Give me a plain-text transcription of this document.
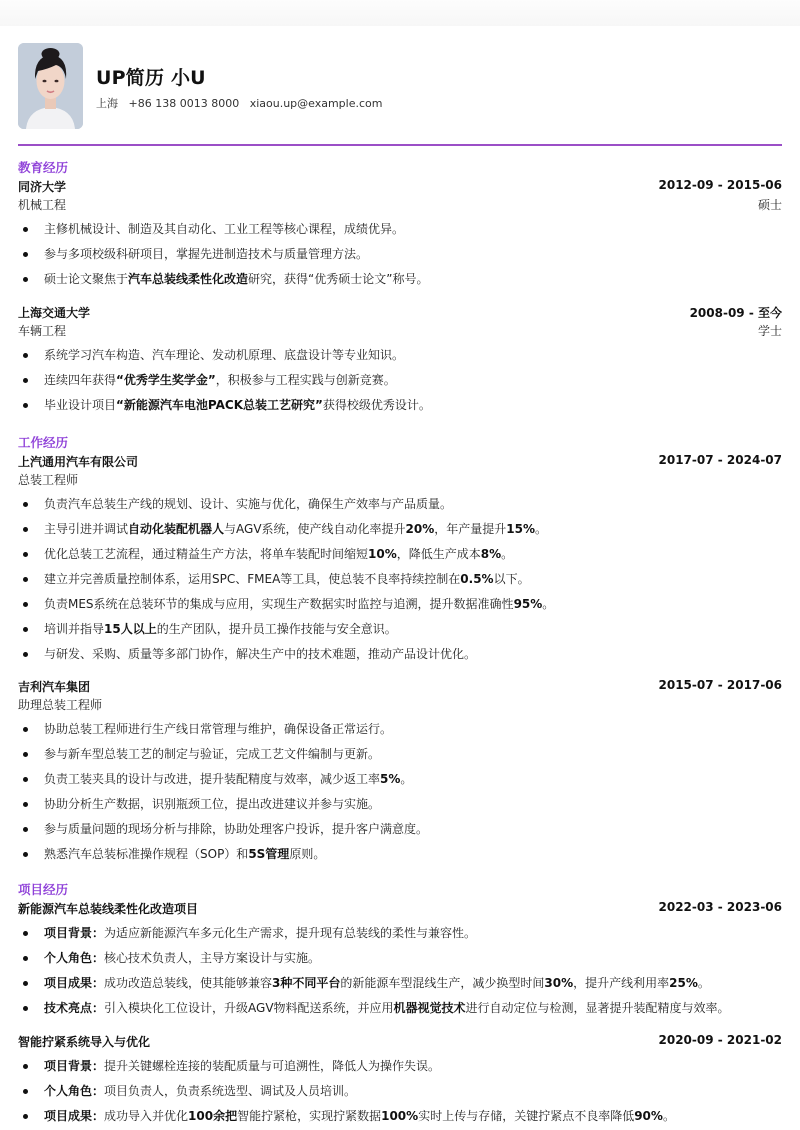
UP简历 小U
上海 +86 138 0013 8000 xiaou.up@example.com
教育经历
同济大学	2012-09 - 2015-06
机械工程	硕士
主修机械设计、制造及其自动化、工业工程等核心课程，成绩优异。
参与多项校级科研项目，掌握先进制造技术与质量管理方法。
硕士论文聚焦于汽车总装线柔性化改造研究，获得“优秀硕士论文”称号。
上海交通大学	2008-09 - 至今
车辆工程	学士
系统学习汽车构造、汽车理论、发动机原理、底盘设计等专业知识。
连续四年获得“优秀学生奖学金”，积极参与工程实践与创新竞赛。
毕业设计项目“新能源汽车电池PACK总装工艺研究”获得校级优秀设计。
工作经历
上汽通用汽车有限公司	2017-07 - 2024-07
总装工程师
负责汽车总装生产线的规划、设计、实施与优化，确保生产效率与产品质量。
主导引进并调试自动化装配机器人与AGV系统，使产线自动化率提升20%，年产量提升15%。
优化总装工艺流程，通过精益生产方法，将单车装配时间缩短10%，降低生产成本8%。
建立并完善质量控制体系，运用SPC、FMEA等工具，使总装不良率持续控制在0.5%以下。
负责MES系统在总装环节的集成与应用，实现生产数据实时监控与追溯，提升数据准确性95%。
培训并指导15人以上的生产团队，提升员工操作技能与安全意识。
与研发、采购、质量等多部门协作，解决生产中的技术难题，推动产品设计优化。
吉利汽车集团	2015-07 - 2017-06
助理总装工程师
协助总装工程师进行生产线日常管理与维护，确保设备正常运行。
参与新车型总装工艺的制定与验证，完成工艺文件编制与更新。
负责工装夹具的设计与改进，提升装配精度与效率，减少返工率5%。
协助分析生产数据，识别瓶颈工位，提出改进建议并参与实施。
参与质量问题的现场分析与排除，协助处理客户投诉，提升客户满意度。
熟悉汽车总装标准操作规程（SOP）和5S管理原则。
项目经历
新能源汽车总装线柔性化改造项目	2022-03 - 2023-06
项目背景：为适应新能源汽车多元化生产需求，提升现有总装线的柔性与兼容性。
个人角色：核心技术负责人，主导方案设计与实施。
项目成果：成功改造总装线，使其能够兼容3种不同平台的新能源车型混线生产，减少换型时间30%，提升产线利用率25%。
技术亮点：引入模块化工位设计，升级AGV物料配送系统，并应用机器视觉技术进行自动定位与检测，显著提升装配精度与效率。
智能拧紧系统导入与优化	2020-09 - 2021-02
项目背景：提升关键螺栓连接的装配质量与可追溯性，降低人为操作失误。
个人角色：项目负责人，负责系统选型、调试及人员培训。
项目成果：成功导入并优化100余把智能拧紧枪，实现拧紧数据100%实时上传与存储，关键拧紧点不良率降低90%。
